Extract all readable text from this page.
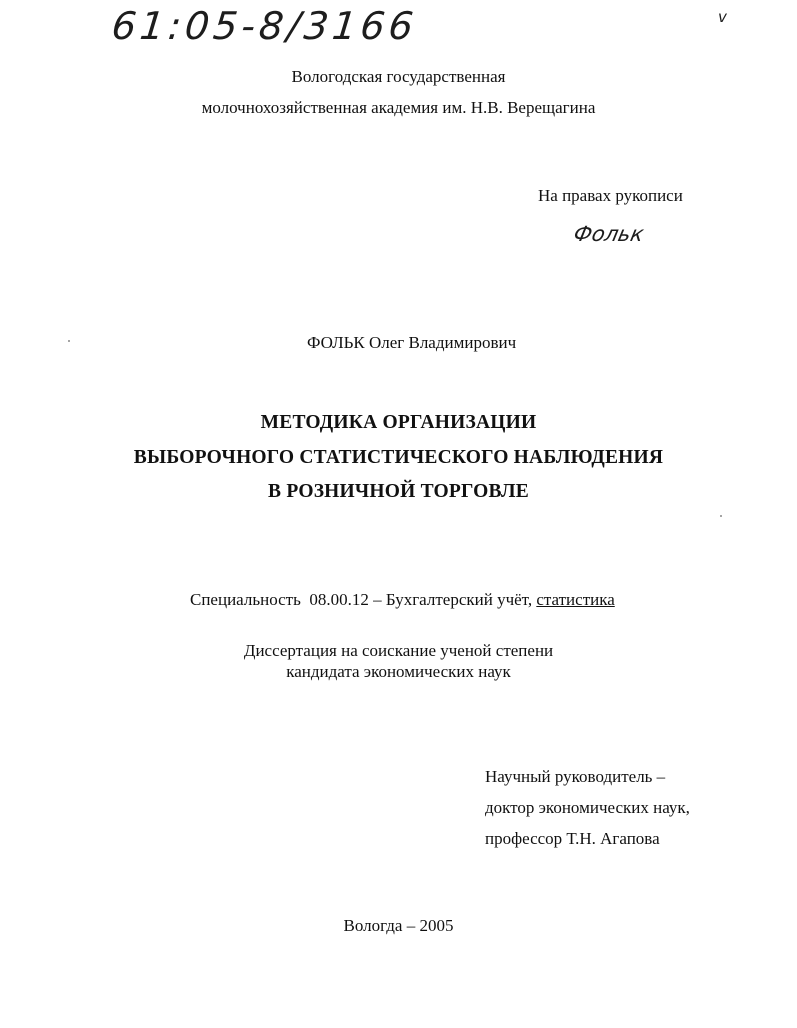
61:05-8/3166	v

Вологодская государственная

молочнохозяйственная академия им. Н.В. Верещагина

На правах рукописи

Фольк

ФОЛЬК Олег Владимирович

МЕТОДИКА ОРГАНИЗАЦИИ

ВЫБОРОЧНОГО СТАТИСТИЧЕСКОГО НАБЛЮДЕНИЯ

В РОЗНИЧНОЙ ТОРГОВЛЕ

Специальность 08.00.12 – Бухгалтерский учёт, статистика

Диссертация на соискание ученой степени

кандидата экономических наук

Научный руководитель –

доктор экономических наук,

профессор Т.Н. Агапова

Вологда – 2005
